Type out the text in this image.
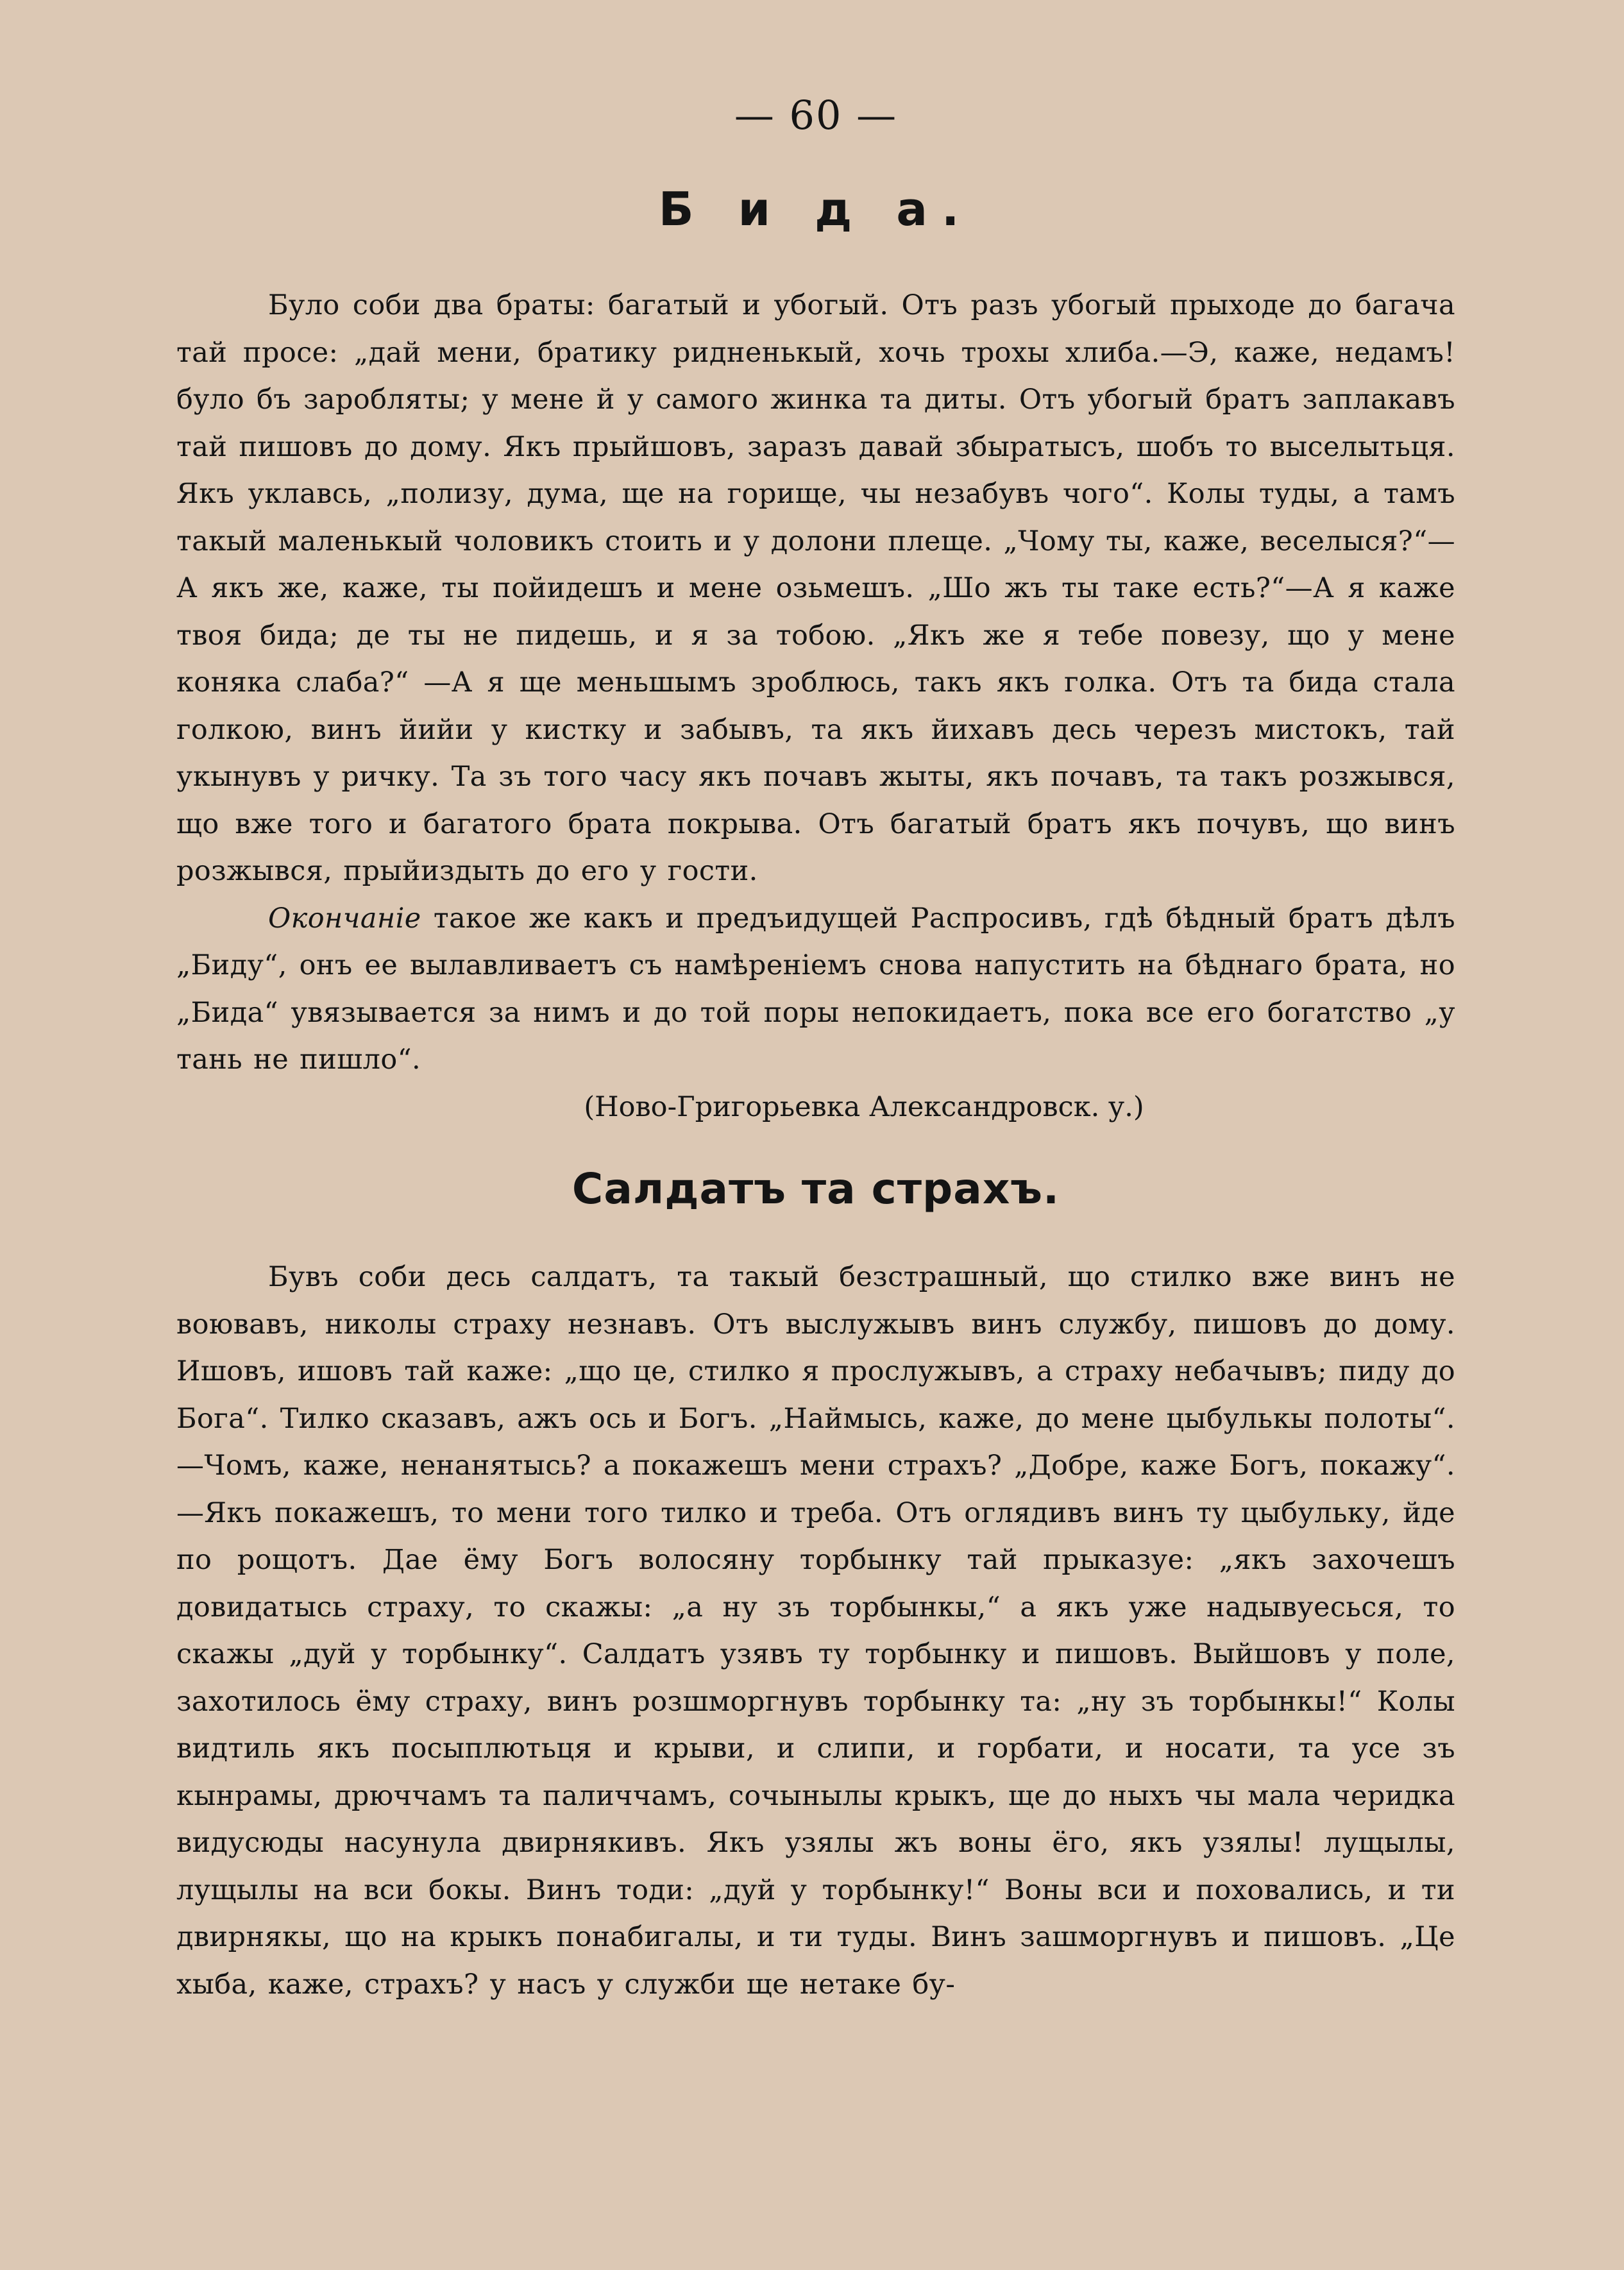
— 60 —
Б и д а.

Було соби два браты: багатый и убогый. Отъ разъ убогый прыходе до багача тай просе: „дай мени, братику ридненькый, хочь трохы хлиба.—Э, каже, недамъ! було бъ заробляты; у мене й у самого жинка та диты. Отъ убогый братъ заплакавъ тай пишовъ до дому. Якъ прыйшовъ, заразъ давай збыратысъ, шобъ то выселытьця. Якъ уклавсь, „полизу, дума, ще на горище, чы незабувъ чого“. Колы туды, а тамъ такый маленькый чоловикъ стоить и у долони плеще. „Чому ты, каже, веселыся?“—А якъ же, каже, ты пойидешъ и мене озьмешъ. „Шо жъ ты таке есть?“—А я каже твоя бида; де ты не пидешь, и я за тобою. „Якъ же я тебе повезу, що у мене коняка слаба?“ —А я ще меньшымъ зроблюсь, такъ якъ голка. Отъ та бида стала голкою, винъ йийи у кистку и забывъ, та якъ йихавъ десь черезъ мистокъ, тай укынувъ у ричку. Та зъ того часу якъ почавъ жыты, якъ почавъ, та такъ розжывся, що вже того и багатого брата покрыва. Отъ багатый братъ якъ почувъ, що винъ розжывся, прыйиздыть до его у гости.

Окончаніе такое же какъ и предъидущей Распросивъ, гдѣ бѣдный братъ дѣлъ „Биду“, онъ ее вылавливаетъ съ намѣреніемъ снова напустить на бѣднаго брата, но „Бида“ увязывается за нимъ и до той поры непокидаетъ, пока все его богатство „у тань не пишло“.

(Ново-Григорьевка Александровск. у.)
Салдатъ та страхъ.

Бувъ соби десь салдатъ, та такый безстрашный, що стилко вже винъ не воювавъ, николы страху незнавъ. Отъ выслужывъ винъ службу, пишовъ до дому. Ишовъ, ишовъ тай каже: „що це, стилко я прослужывъ, а страху небачывъ; пиду до Бога“. Тилко сказавъ, ажъ ось и Богъ. „Наймысь, каже, до мене цыбулькы полоты“.—Чомъ, каже, ненанятысь? а покажешъ мени страхъ? „Добре, каже Богъ, покажу“.—Якъ покажешъ, то мени того тилко и треба. Отъ оглядивъ винъ ту цыбульку, йде по рощотъ. Дае ёму Богъ волосяну торбынку тай прыказуе: „якъ захочешъ довидатысь страху, то скажы: „а ну зъ торбынкы,“ а якъ уже надывуесься, то скажы „дуй у торбынку“. Салдатъ узявъ ту торбынку и пишовъ. Выйшовъ у поле, захотилось ёму страху, винъ розшморгнувъ торбынку та: „ну зъ торбынкы!“ Колы видтиль якъ посыплютьця и крыви, и слипи, и горбати, и носати, та усе зъ кынрамы, дрюччамъ та паличчамъ, сочынылы крыкъ, ще до ныхъ чы мала черидка видусюды насунула двирнякивъ. Якъ узялы жъ воны ёго, якъ узялы! лущылы, лущылы на вси бокы. Винъ тоди: „дуй у торбынку!“ Воны вси и поховались, и ти двирнякы, що на крыкъ понабигалы, и ти туды. Винъ зашморгнувъ и пишовъ. „Це хыба, каже, страхъ? у насъ у служби ще нетаке бу-
